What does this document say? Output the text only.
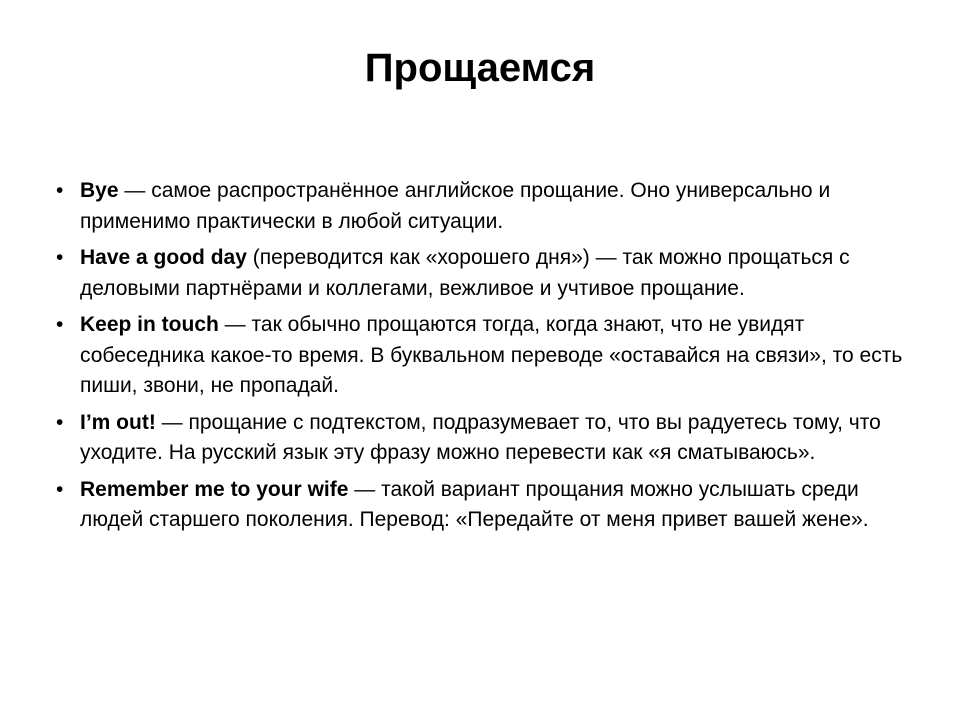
Прощаемся
• Bye — самое распространённое английское прощание. Оно универсально и применимо практически в любой ситуации.
• Have a good day (переводится как «хорошего дня») — так можно прощаться с деловыми партнёрами и коллегами, вежливое и учтивое прощание.
• Keep in touch — так обычно прощаются тогда, когда знают, что не увидят собеседника какое-то время. В буквальном переводе «оставайся на связи», то есть пиши, звони, не пропадай.
• I’m out! — прощание с подтекстом, подразумевает то, что вы радуетесь тому, что уходите. На русский язык эту фразу можно перевести как «я сматываюсь».
• Remember me to your wife — такой вариант прощания можно услышать среди людей старшего поколения. Перевод: «Передайте от меня привет вашей жене».
